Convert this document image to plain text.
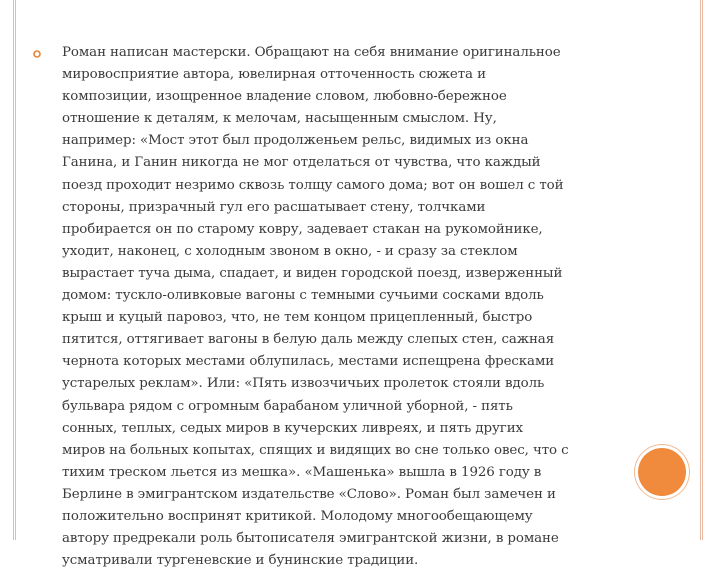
Роман написан мастерски. Обращают на себя внимание оригинальное
мировосприятие автора, ювелирная отточенность сюжета и
композиции, изощренное владение словом, любовно-бережное
отношение к деталям, к мелочам, насыщенным смыслом. Ну,
например: «Мост этот был продолженьем рельс, видимых из окна
Ганина, и Ганин никогда не мог отделаться от чувства, что каждый
поезд проходит незримо сквозь толщу самого дома; вот он вошел с той
стороны, призрачный гул его расшатывает стену, толчками
пробирается он по старому ковру, задевает стакан на рукомойнике,
уходит, наконец, с холодным звоном в окно, - и сразу за стеклом
вырастает туча дыма, спадает, и виден городской поезд, изверженный
домом: тускло-оливковые вагоны с темными сучьими сосками вдоль
крыш и куцый паровоз, что, не тем концом прицепленный, быстро
пятится, оттягивает вагоны в белую даль между слепых стен, сажная
чернота которых местами облупилась, местами испещрена фресками
устарелых реклам». Или: «Пять извозчичьих пролеток стояли вдоль
бульвара рядом с огромным барабаном уличной уборной, - пять
сонных, теплых, седых миров в кучерских ливреях, и пять других
миров на больных копытах, спящих и видящих во сне только овес, что с
тихим треском льется из мешка». «Машенька» вышла в 1926 году в
Берлине в эмигрантском издательстве «Слово». Роман был замечен и
положительно воспринят критикой. Молодому многообещающему
автору предрекали роль бытописателя эмигрантской жизни, в романе
усматривали тургеневские и бунинские традиции.
